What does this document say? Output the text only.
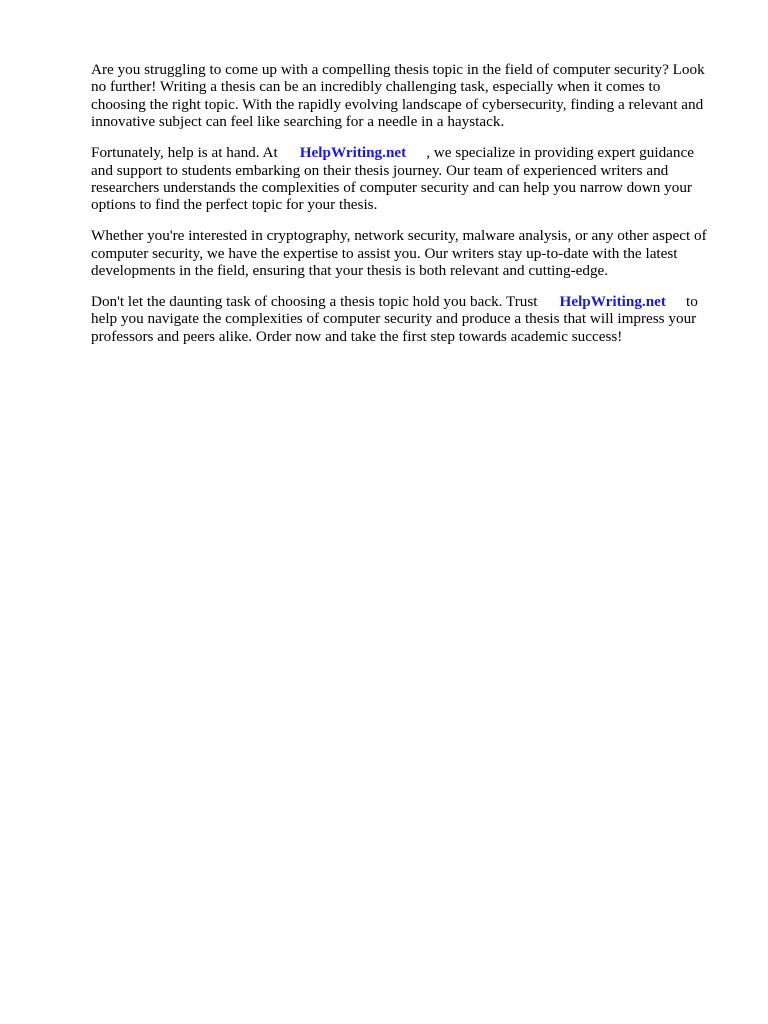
Are you struggling to come up with a compelling thesis topic in the field of computer security? Look
no further! Writing a thesis can be an incredibly challenging task, especially when it comes to
choosing the right topic. With the rapidly evolving landscape of cybersecurity, finding a relevant and
innovative subject can feel like searching for a needle in a haystack.

Fortunately, help is at hand. At HelpWriting.net , we specialize in providing expert guidance
and support to students embarking on their thesis journey. Our team of experienced writers and
researchers understands the complexities of computer security and can help you narrow down your
options to find the perfect topic for your thesis.

Whether you're interested in cryptography, network security, malware analysis, or any other aspect of
computer security, we have the expertise to assist you. Our writers stay up-to-date with the latest
developments in the field, ensuring that your thesis is both relevant and cutting-edge.

Don't let the daunting task of choosing a thesis topic hold you back. Trust HelpWriting.net to
help you navigate the complexities of computer security and produce a thesis that will impress your
professors and peers alike. Order now and take the first step towards academic success!
